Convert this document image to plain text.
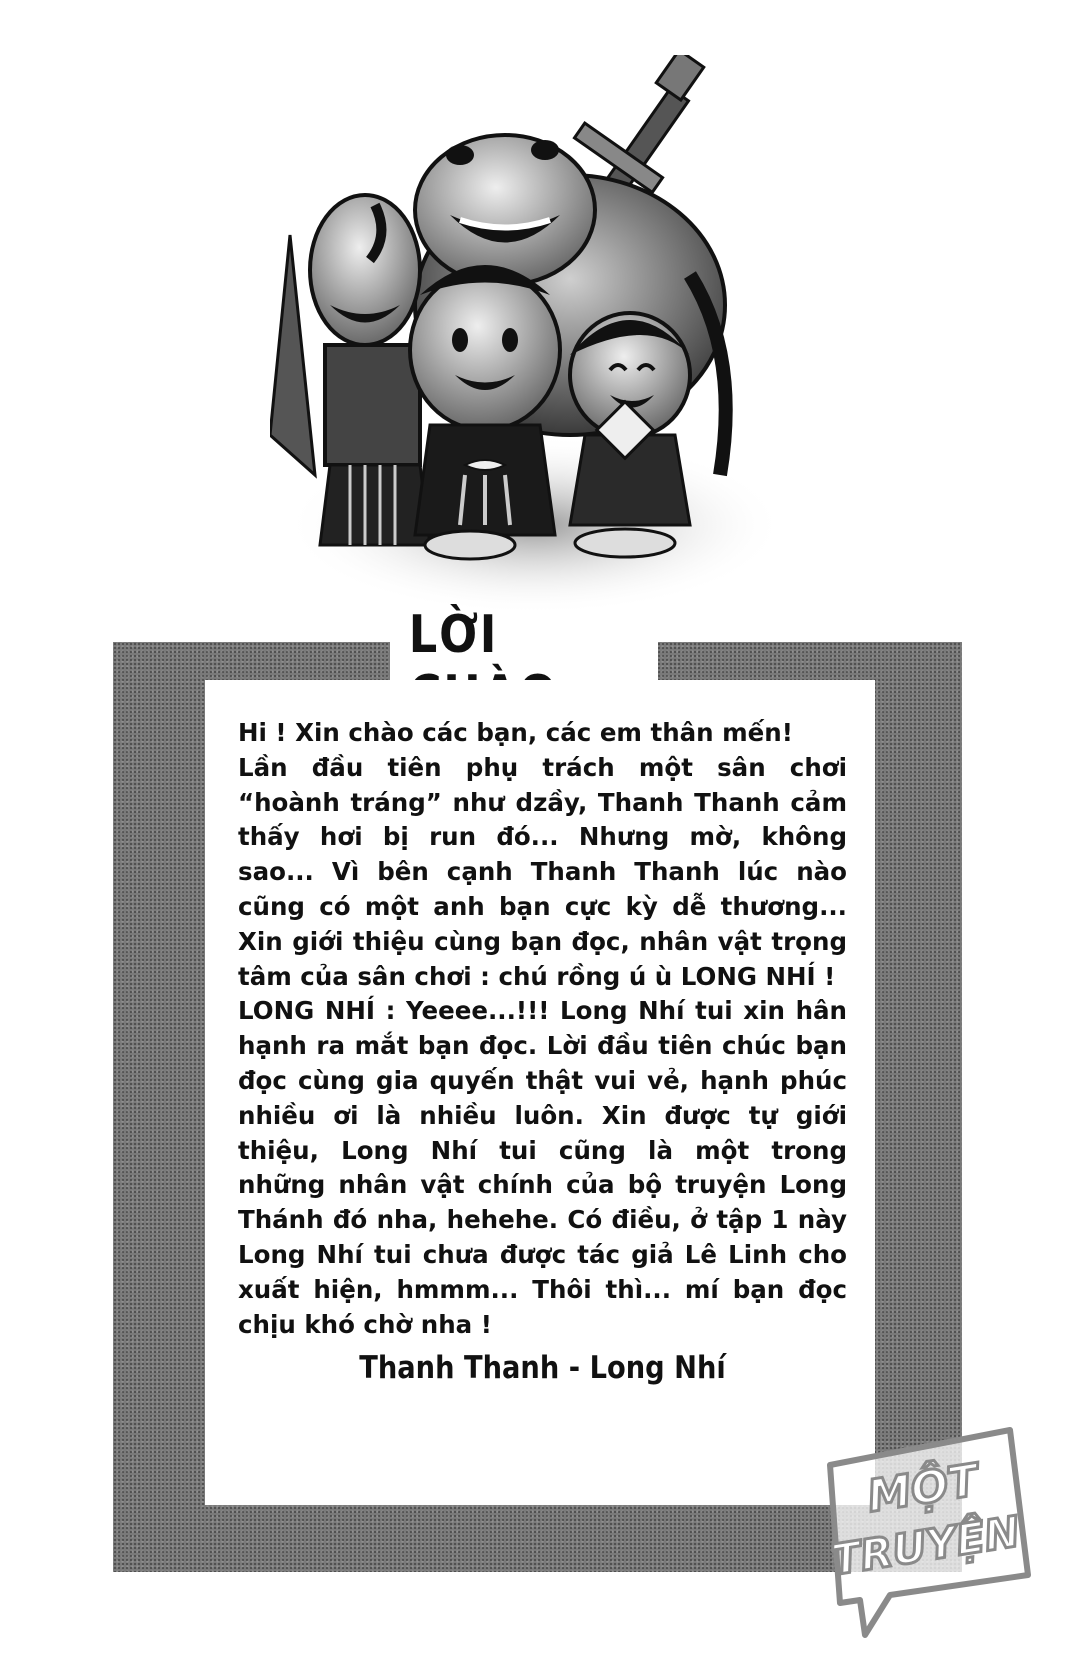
LỜI

Hi ! Xin chào các bạn, các em thân mến!

Lần đầu tiên phụ trách một sân chơi “hoành tráng” như dzầy, Thanh Thanh cảm thấy hơi bị run đó... Nhưng mờ, không sao... Vì bên cạnh Thanh Thanh lúc nào cũng có một anh bạn cực kỳ dễ thương... Xin giới thiệu cùng bạn đọc, nhân vật trọng tâm của sân chơi : chú rồng ú ù LONG NHÍ !

LONG NHÍ : Yeeee...!!! Long Nhí tui xin hân hạnh ra mắt bạn đọc. Lời đầu tiên chúc bạn đọc cùng gia quyến thật vui vẻ, hạnh phúc nhiều ơi là nhiều luôn. Xin được tự giới thiệu, Long Nhí tui cũng là một trong những nhân vật chính của bộ truyện Long Thánh đó nha, hehehe. Có điều, ở tập 1 này Long Nhí tui chưa được tác giả Lê Linh cho xuất hiện, hmmm... Thôi thì... mí bạn đọc chịu khó chờ nha !

Thanh Thanh - Long Nhí
MỘT
TRUYỆN
